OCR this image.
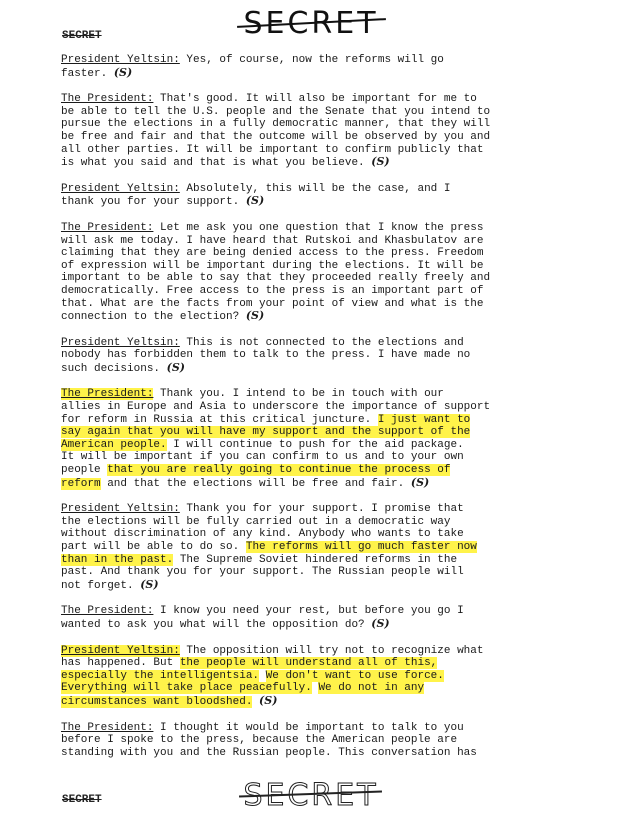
SECRET	SECRET
President Yeltsin: Yes, of course, now the reforms will go
faster. (S)
The President: That's good. It will also be important for me to
be able to tell the U.S. people and the Senate that you intend to
pursue the elections in a fully democratic manner, that they will
be free and fair and that the outcome will be observed by you and
all other parties. It will be important to confirm publicly that
is what you said and that is what you believe. (S)
President Yeltsin: Absolutely, this will be the case, and I
thank you for your support. (S)
The President: Let me ask you one question that I know the press
will ask me today. I have heard that Rutskoi and Khasbulatov are
claiming that they are being denied access to the press. Freedom
of expression will be important during the elections. It will be
important to be able to say that they proceeded really freely and
democratically. Free access to the press is an important part of
that. What are the facts from your point of view and what is the
connection to the election? (S)
President Yeltsin: This is not connected to the elections and
nobody has forbidden them to talk to the press. I have made no
such decisions. (S)
The President: Thank you. I intend to be in touch with our
allies in Europe and Asia to underscore the importance of support
for reform in Russia at this critical juncture. I just want to
say again that you will have my support and the support of the
American people. I will continue to push for the aid package.
It will be important if you can confirm to us and to your own
people that you are really going to continue the process of
reform and that the elections will be free and fair. (S)
President Yeltsin: Thank you for your support. I promise that
the elections will be fully carried out in a democratic way
without discrimination of any kind. Anybody who wants to take
part will be able to do so. The reforms will go much faster now
than in the past. The Supreme Soviet hindered reforms in the
past. And thank you for your support. The Russian people will
not forget. (S)
The President: I know you need your rest, but before you go I
wanted to ask you what will the opposition do? (S)
President Yeltsin: The opposition will try not to recognize what
has happened. But the people will understand all of this,
especially the intelligentsia. We don't want to use force.
Everything will take place peacefully. We do not in any
circumstances want bloodshed. (S)
The President: I thought it would be important to talk to you
before I spoke to the press, because the American people are
standing with you and the Russian people. This conversation has
SECRET	SECRET
